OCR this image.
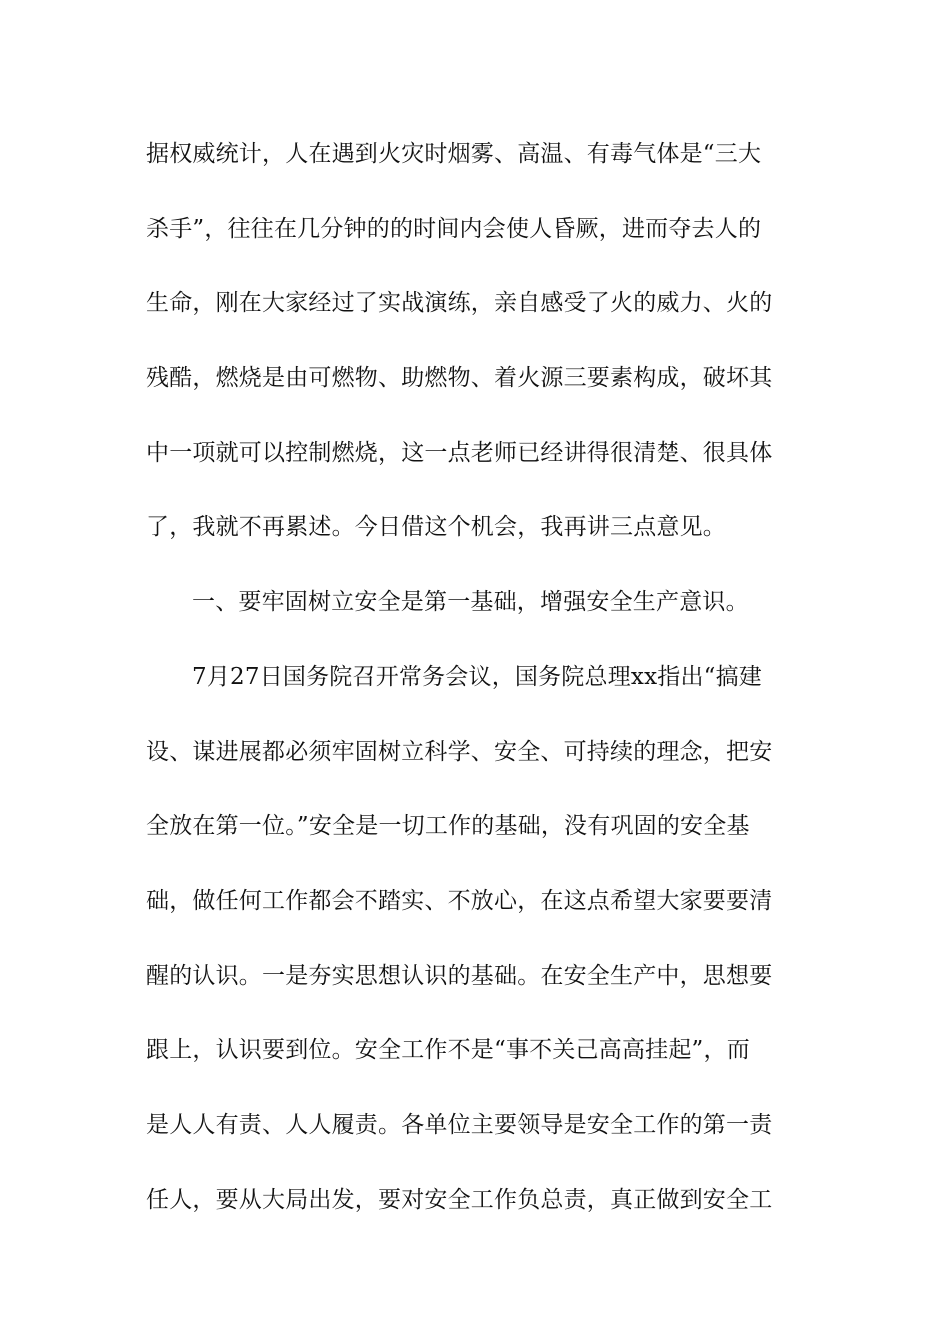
据权威统计，人在遇到火灾时烟雾、高温、有毒气体是“三大
杀手”，往往在几分钟的的时间内会使人昏厥，进而夺去人的
生命，刚在大家经过了实战演练，亲自感受了火的威力、火的
残酷，燃烧是由可燃物、助燃物、着火源三要素构成，破坏其
中一项就可以控制燃烧，这一点老师已经讲得很清楚、很具体
了，我就不再累述。今日借这个机会，我再讲三点意见。
一、要牢固树立安全是第一基础，增强安全生产意识。
7月27日国务院召开常务会议，国务院总理xx指出“搞建
设、谋进展都必须牢固树立科学、安全、可持续的理念，把安
全放在第一位。”安全是一切工作的基础，没有巩固的安全基
础，做任何工作都会不踏实、不放心，在这点希望大家要要清
醒的认识。一是夯实思想认识的基础。在安全生产中，思想要
跟上，认识要到位。安全工作不是“事不关己高高挂起”，而
是人人有责、人人履责。各单位主要领导是安全工作的第一责
任人，要从大局出发，要对安全工作负总责，真正做到安全工
